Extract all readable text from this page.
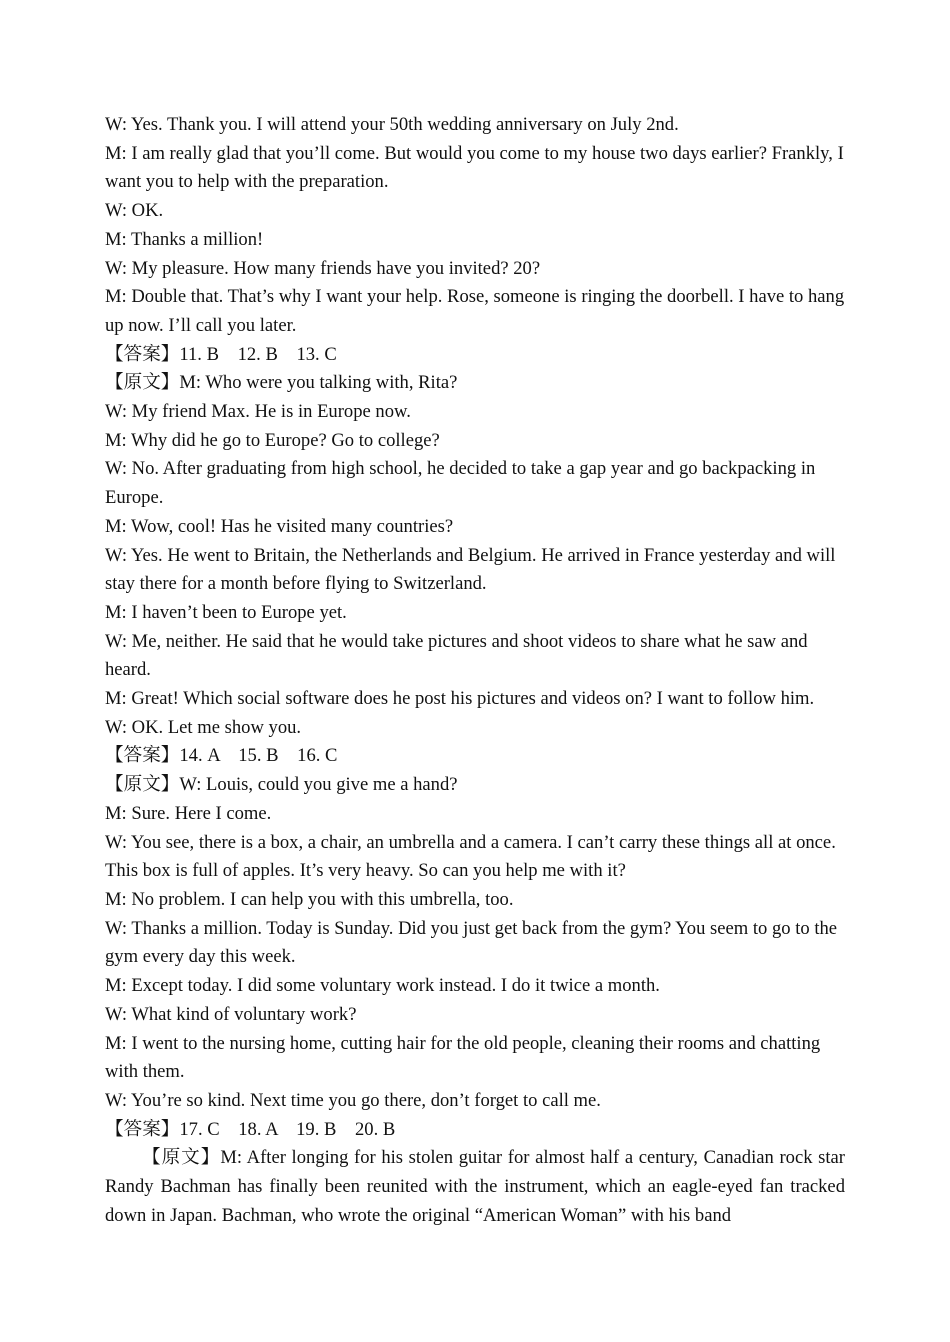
W: Yes. Thank you. I will attend your 50th wedding anniversary on July 2nd.

M: I am really glad that you’ll come. But would you come to my house two days earlier? Frankly, I want you to help with the preparation.

W: OK.

M: Thanks a million!

W: My pleasure. How many friends have you invited? 20?

M: Double that. That’s why I want your help. Rose, someone is ringing the doorbell. I have to hang up now. I’ll call you later.

【答案】11. B　12. B　13. C

【原文】M: Who were you talking with, Rita?

W: My friend Max. He is in Europe now.

M: Why did he go to Europe? Go to college?

W: No. After graduating from high school, he decided to take a gap year and go backpacking in Europe.

M: Wow, cool! Has he visited many countries?

W: Yes. He went to Britain, the Netherlands and Belgium. He arrived in France yesterday and will stay there for a month before flying to Switzerland.

M: I haven’t been to Europe yet.

W: Me, neither. He said that he would take pictures and shoot videos to share what he saw and heard.

M: Great! Which social software does he post his pictures and videos on? I want to follow him.

W: OK. Let me show you.

【答案】14. A　15. B　16. C

【原文】W: Louis, could you give me a hand?

M: Sure. Here I come.

W: You see, there is a box, a chair, an umbrella and a camera. I can’t carry these things all at once. This box is full of apples. It’s very heavy. So can you help me with it?

M: No problem. I can help you with this umbrella, too.

W: Thanks a million. Today is Sunday. Did you just get back from the gym? You seem to go to the gym every day this week.

M: Except today. I did some voluntary work instead. I do it twice a month.

W: What kind of voluntary work?

M: I went to the nursing home, cutting hair for the old people, cleaning their rooms and chatting with them.

W: You’re so kind. Next time you go there, don’t forget to call me.

【答案】17. C　18. A　19. B　20. B

【原文】M: After longing for his stolen guitar for almost half a century, Canadian rock star Randy Bachman has finally been reunited with the instrument, which an eagle-eyed fan tracked down in Japan. Bachman, who wrote the original “American Woman” with his band
